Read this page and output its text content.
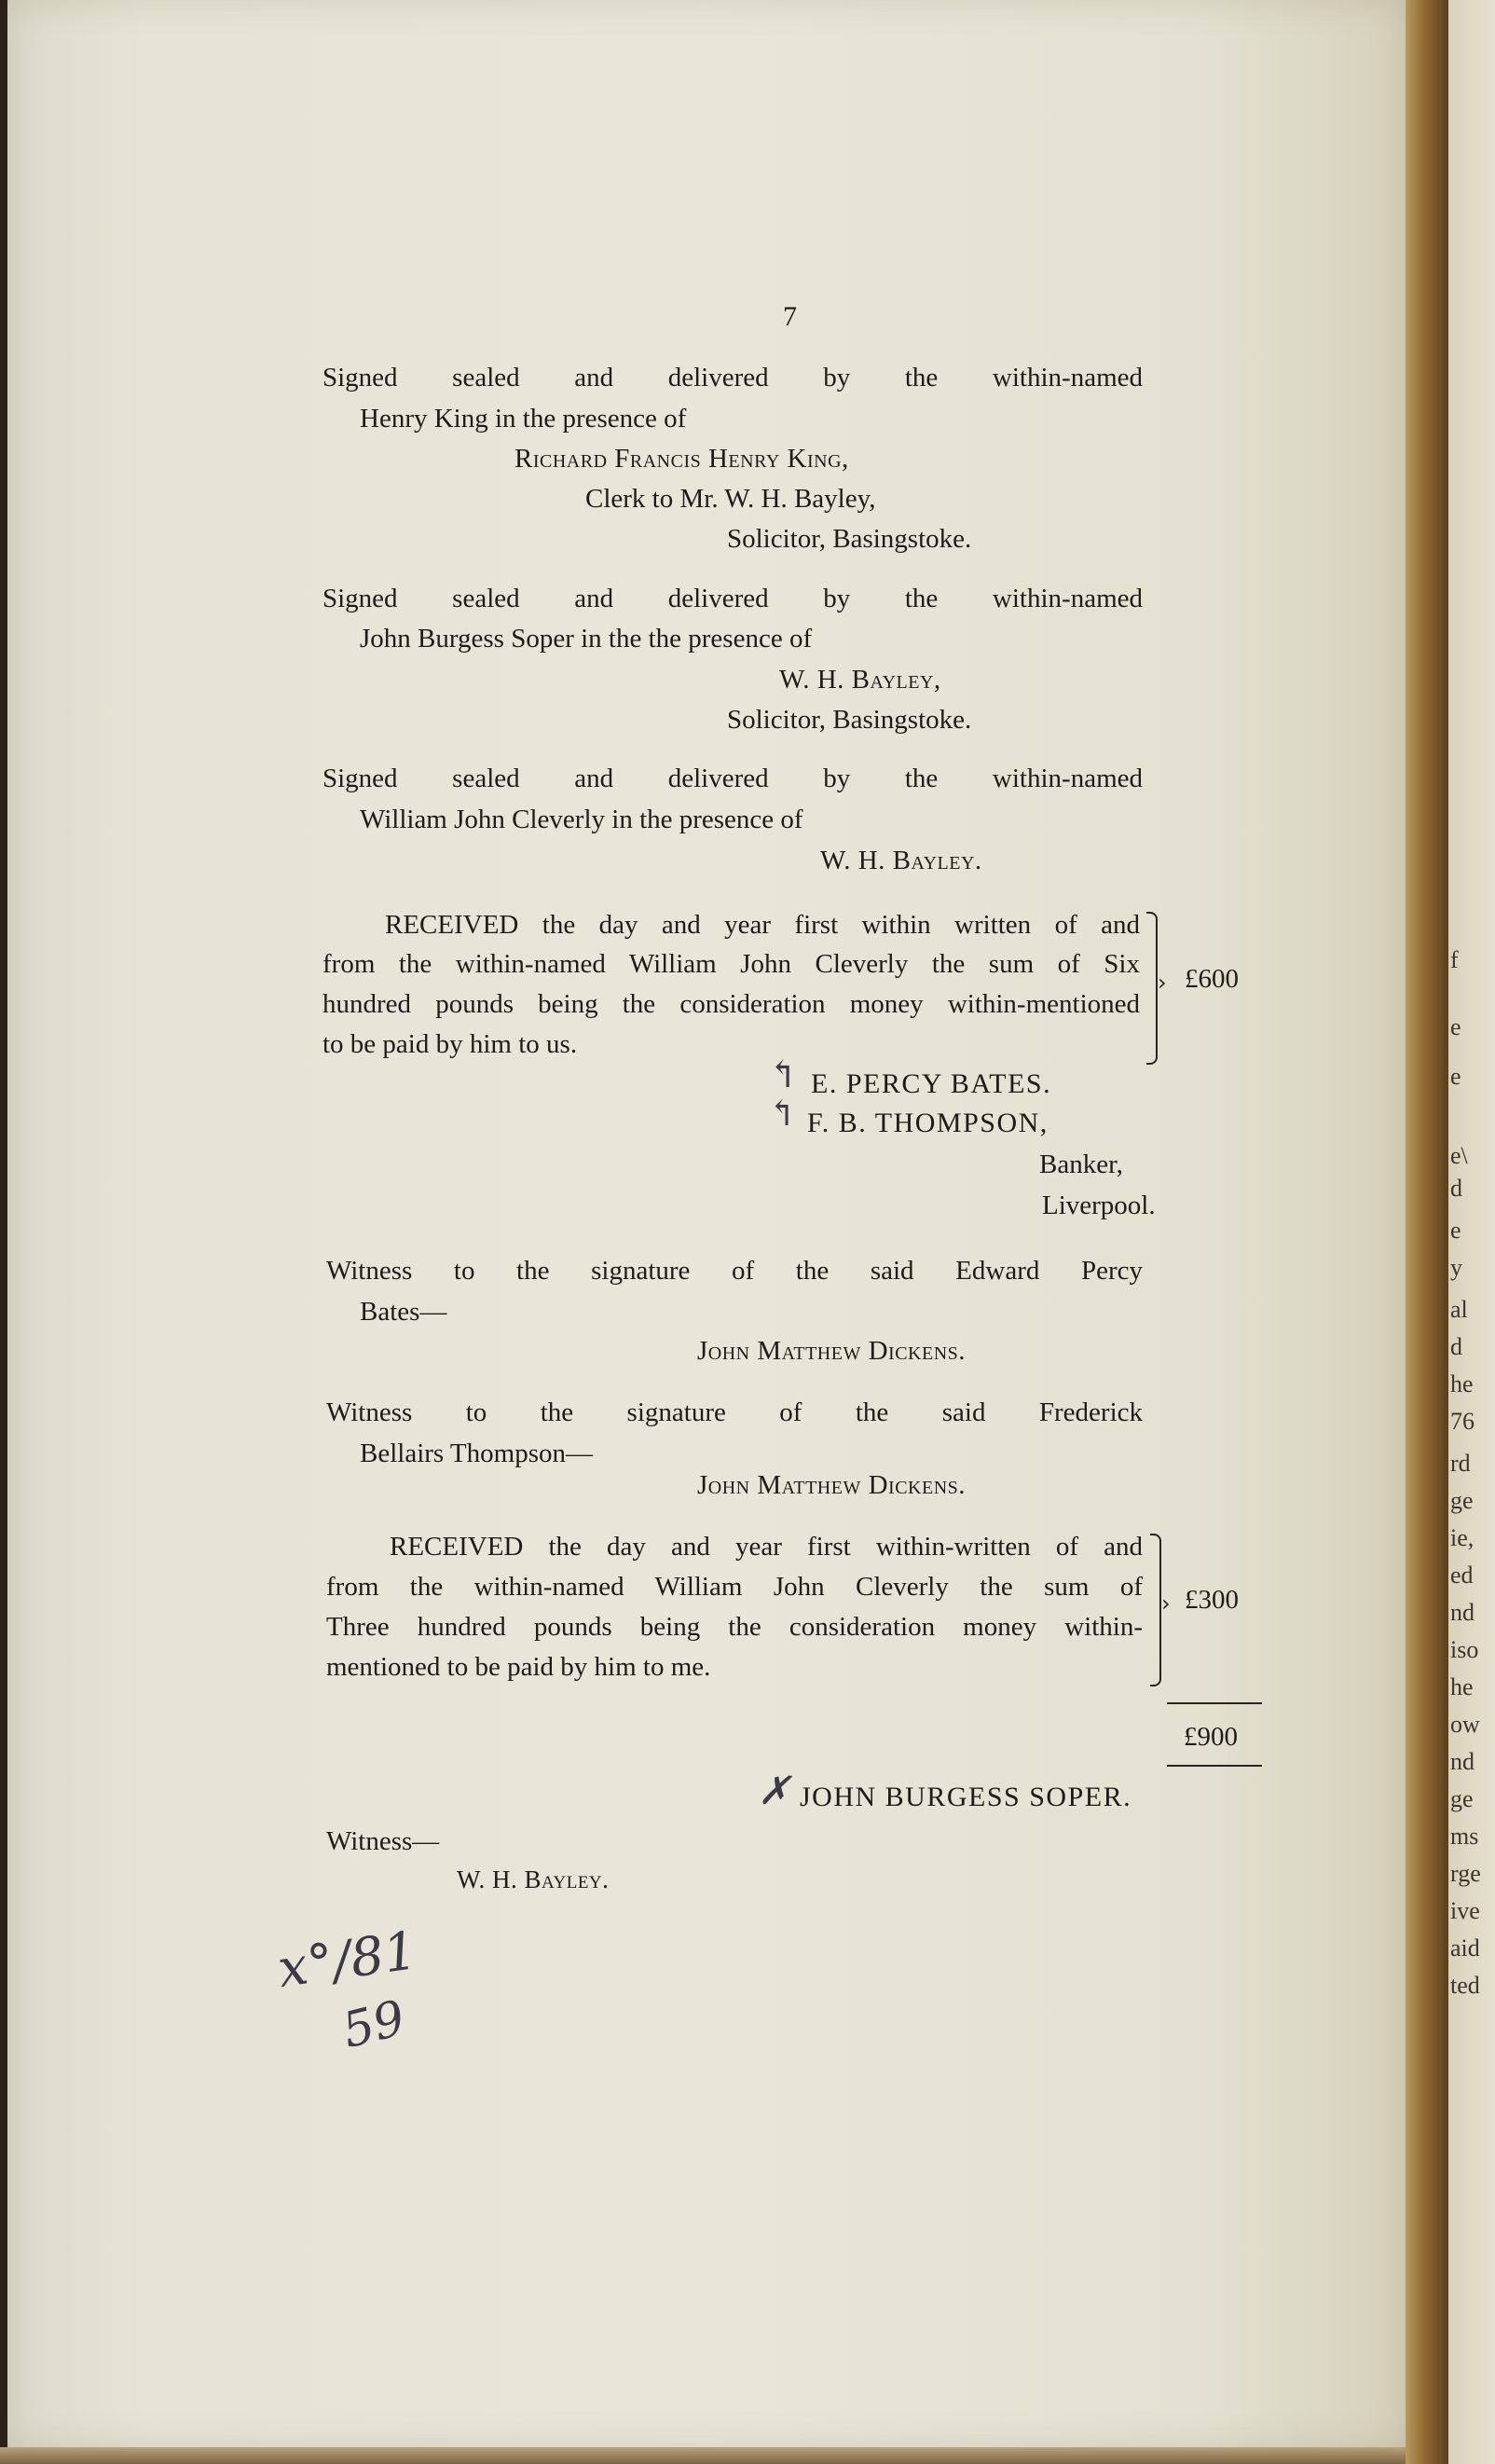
7
Signed sealed and delivered by the within-named
Henry King in the presence of
Richard Francis Henry King,
Clerk to Mr. W. H. Bayley,
Solicitor, Basingstoke.
Signed sealed and delivered by the within-named
John Burgess Soper in the the presence of
W. H. Bayley,
Solicitor, Basingstoke.
Signed sealed and delivered by the within-named
William John Cleverly in the presence of
W. H. Bayley.
RECEIVED the day and year first within written of and
from the within-named William John Cleverly the sum of Six
hundred pounds being the consideration money within-mentioned
to be paid by him to us.
› £600
↰ E. PERCY BATES.
↰ F. B. THOMPSON,
Banker,
Liverpool.
Witness to the signature of the said Edward Percy
Bates—
John Matthew Dickens.
Witness to the signature of the said Frederick
Bellairs Thompson—
John Matthew Dickens.
RECEIVED the day and year first within-written of and
from the within-named William John Cleverly the sum of
Three hundred pounds being the consideration money within-
mentioned to be paid by him to me.
› £300
£900
✗ JOHN BURGESS SOPER.
Witness—
W. H. Bayley.
x°/81
59
f
e
e
e\
d
e
y
al
d
he
76
rd
ge
ie,
ed
nd
iso
he
ow
nd
ge
ms
rge
ive
aid
ted
